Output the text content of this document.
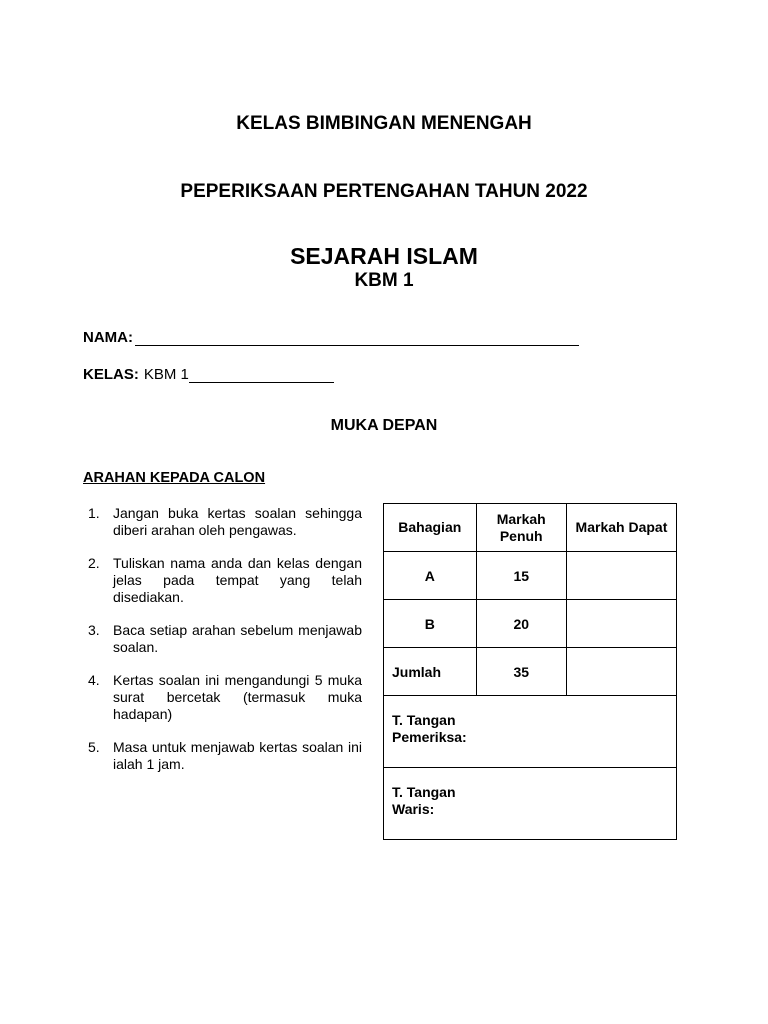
KELAS BIMBINGAN MENENGAH
PEPERIKSAAN PERTENGAHAN TAHUN 2022
SEJARAH ISLAM
KBM 1
NAMA:
KELAS: KBM 1
MUKA DEPAN
ARAHAN KEPADA CALON
1. Jangan buka kertas soalan sehingga diberi arahan oleh pengawas.
2. Tuliskan nama anda dan kelas dengan jelas pada tempat yang telah disediakan.
3. Baca setiap arahan sebelum menjawab soalan.
4. Kertas soalan ini mengandungi 5 muka surat bercetak (termasuk muka hadapan)
5. Masa untuk menjawab kertas soalan ini ialah 1 jam.
Bahagian	Markah Penuh	Markah Dapat
A	15	
B	20	
Jumlah	35	

T. Tangan Pemeriksa:		

T. Tangan Waris:		
